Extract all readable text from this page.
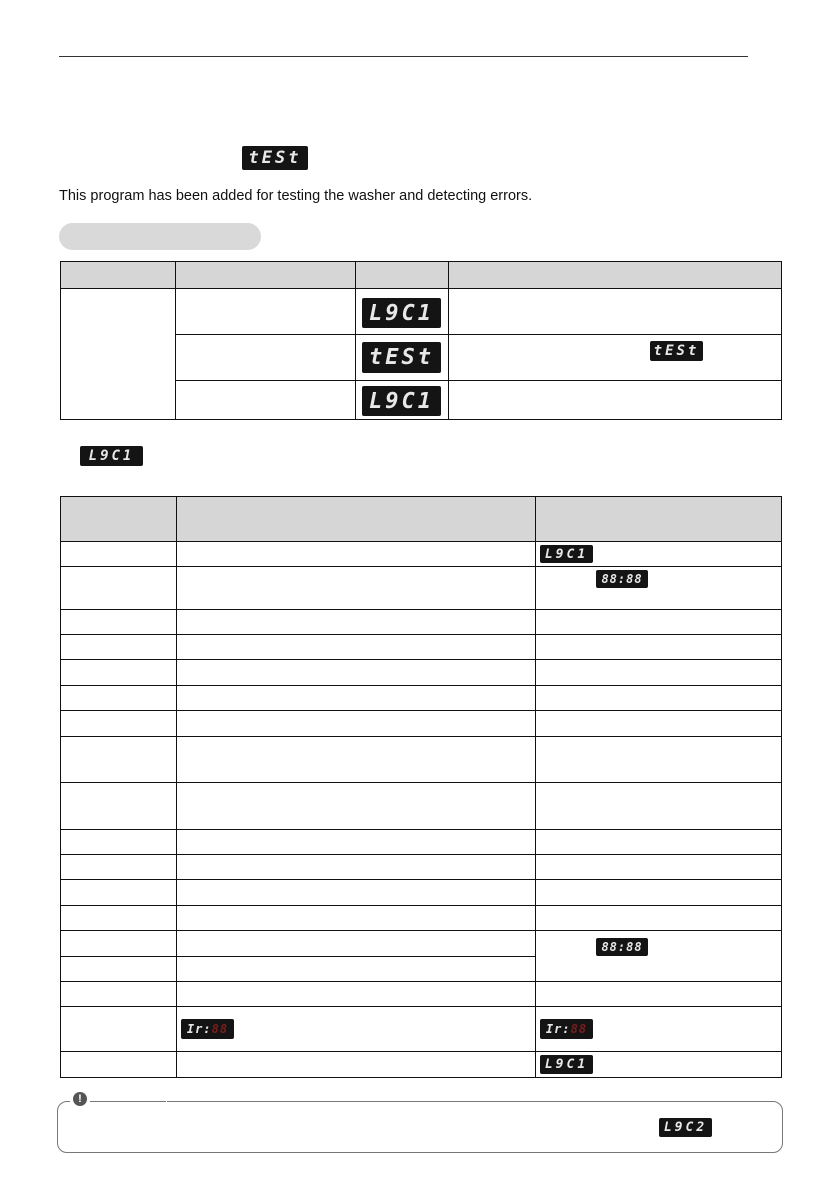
tESt
This program has been added for testing the washer and detecting errors.
L9C1
tESt	tESt
L9C1
L9C1
L9C1
88:88
88:88
Ir: 88	Ir: 88
L9C1
!
L9C2
